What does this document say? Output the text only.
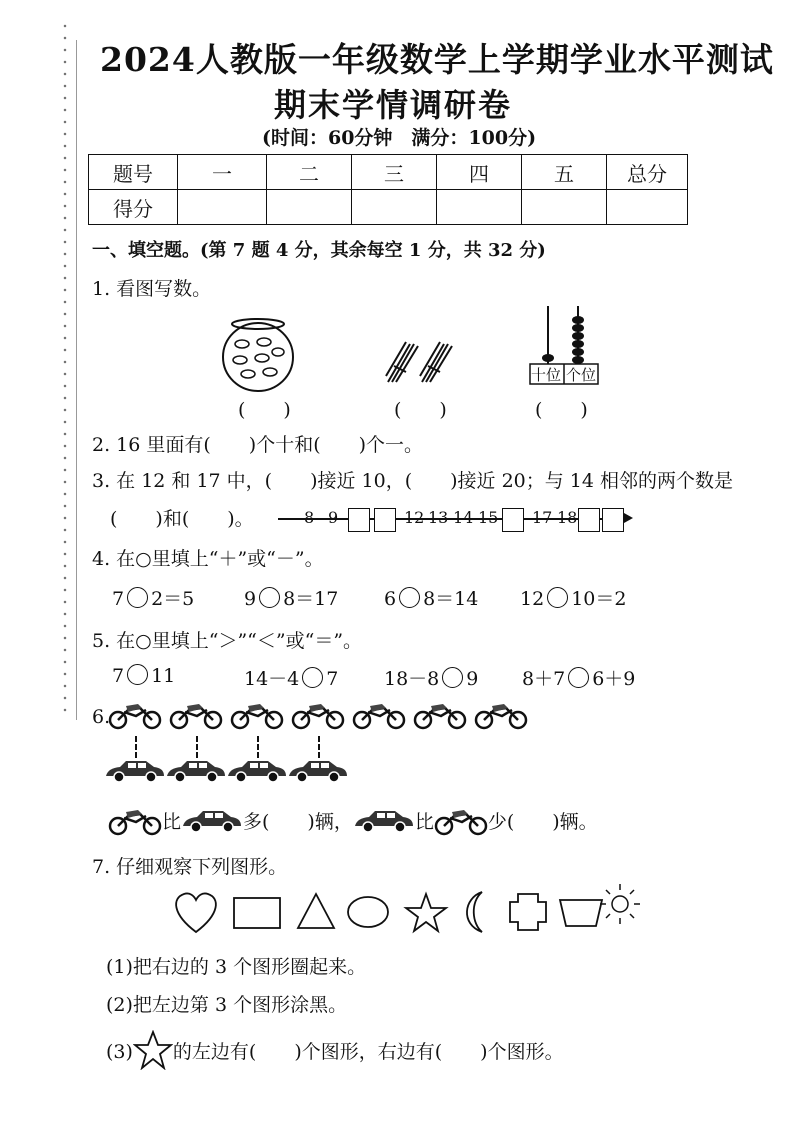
2024人教版一年级数学上学期学业水平测试
期末学情调研卷
(时间：60分钟　满分：100分)
题号	一	二	三	四	五	总分
得分						
一、填空题。(第 7 题 4 分，其余每空 1 分，共 32 分)
1. 看图写数。
十位 个位
(　　)	(　　)	(　　)
2. 16 里面有(　　)个十和(　　)个一。
3. 在 12 和 17 中，(　　)接近 10，(　　)接近 20；与 14 相邻的两个数是
(　　)和(　　)。	8 9	12 13 14 15 17 18
4. 在○里填上“＋”或“－”。
7 2＝5	9 8＝17 6 8＝14 12 10＝2
5. 在○里填上“＞”“＜”或“＝”。
7 11	14－4 7 18－8 9 8＋7 6＋9
6.
比	多(　　)辆，	比	少(　　)辆。
7. 仔细观察下列图形。
(1)把右边的 3 个图形圈起来。
(2)把左边第 3 个图形涂黑。
(3) 的左边有(　　)个图形，右边有(　　)个图形。
